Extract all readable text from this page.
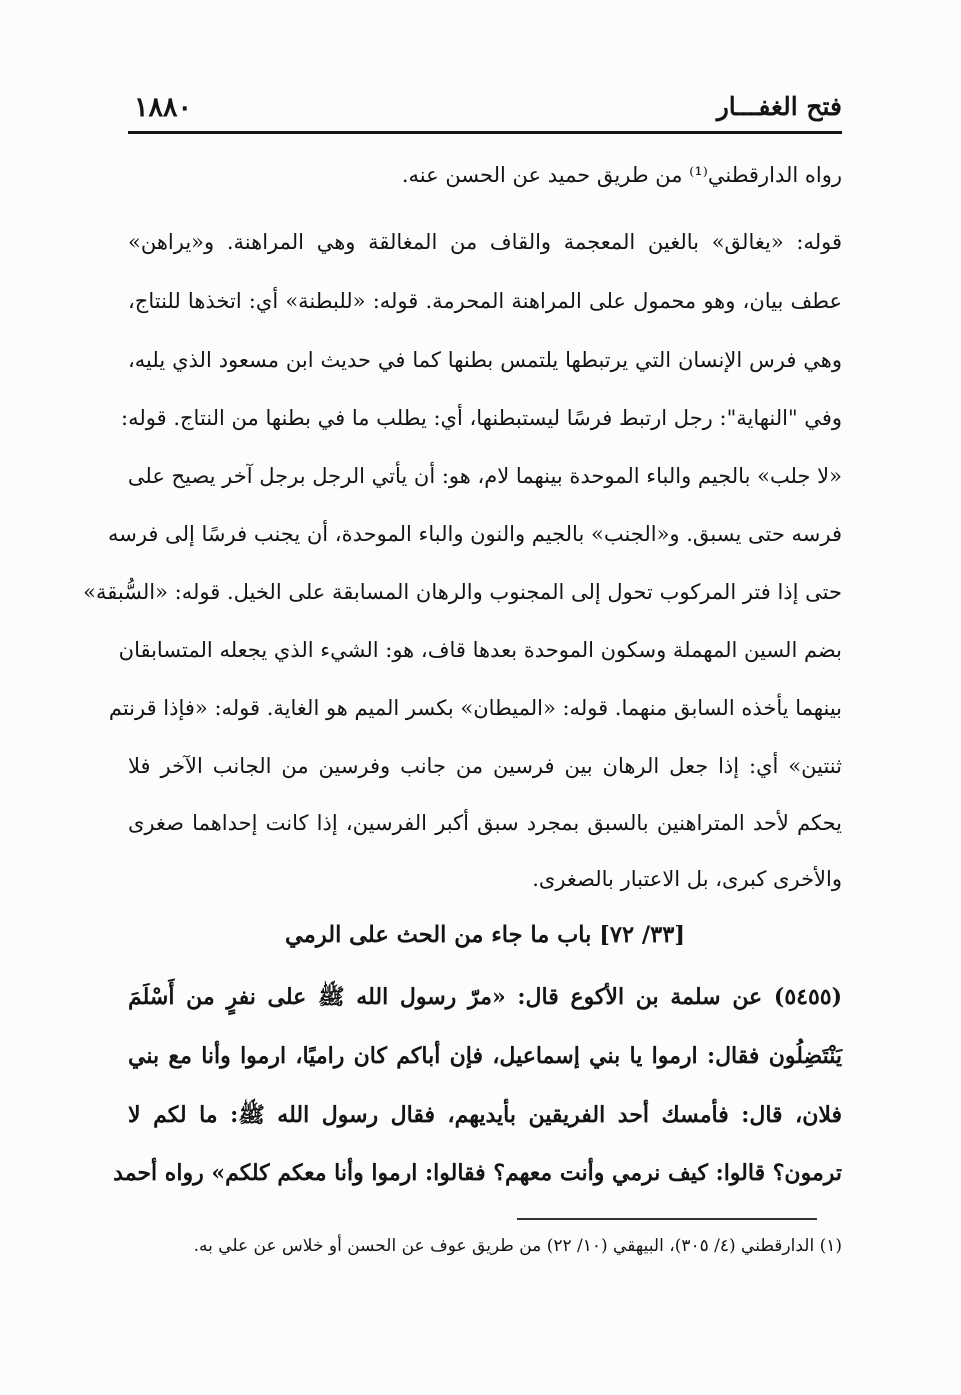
فتح الغفـــار
١٨٨٠
رواه الدارقطني⁽¹⁾ من طريق حميد عن الحسن عنه.
قوله: «يغالق» بالغين المعجمة والقاف من المغالقة وهي المراهنة. و«يراهن»
عطف بيان، وهو محمول على المراهنة المحرمة. قوله: «للبطنة» أي: اتخذها للنتاج،
وهي فرس الإنسان التي يرتبطها يلتمس بطنها كما في حديث ابن مسعود الذي يليه،
وفي "النهاية": رجل ارتبط فرسًا ليستبطنها، أي: يطلب ما في بطنها من النتاج. قوله:
«لا جلب» بالجيم والباء الموحدة بينهما لام، هو: أن يأتي الرجل برجل آخر يصيح على
فرسه حتى يسبق. و«الجنب» بالجيم والنون والباء الموحدة، أن يجنب فرسًا إلى فرسه
حتى إذا فتر المركوب تحول إلى المجنوب والرهان المسابقة على الخيل. قوله: «السُّبقة»
بضم السين المهملة وسكون الموحدة بعدها قاف، هو: الشيء الذي يجعله المتسابقان
بينهما يأخذه السابق منهما. قوله: «الميطان» بكسر الميم هو الغاية. قوله: «فإذا قرنتم
ثنتين» أي: إذا جعل الرهان بين فرسين من جانب وفرسين من الجانب الآخر فلا
يحكم لأحد المتراهنين بالسبق بمجرد سبق أكبر الفرسين، إذا كانت إحداهما صغرى
والأخرى كبرى، بل الاعتبار بالصغرى.
[٣٣/ ٧٢] باب ما جاء من الحث على الرمي
(٥٤٥٥) عن سلمة بن الأكوع قال: «مرّ رسول الله ﷺ على نفرٍ من أَسْلَمَ
يَنْتَضِلُون فقال: ارموا يا بني إسماعيل، فإن أباكم كان راميًا، ارموا وأنا مع بني
فلان، قال: فأمسك أحد الفريقين بأيديهم، فقال رسول الله ﷺ: ما لكم لا
ترمون؟ قالوا: كيف نرمي وأنت معهم؟ فقالوا: ارموا وأنا معكم كلكم» رواه أحمد
(١) الدارقطني (٤/ ٣٠٥)، البيهقي (١٠/ ٢٢) من طريق عوف عن الحسن أو خلاس عن علي به.
